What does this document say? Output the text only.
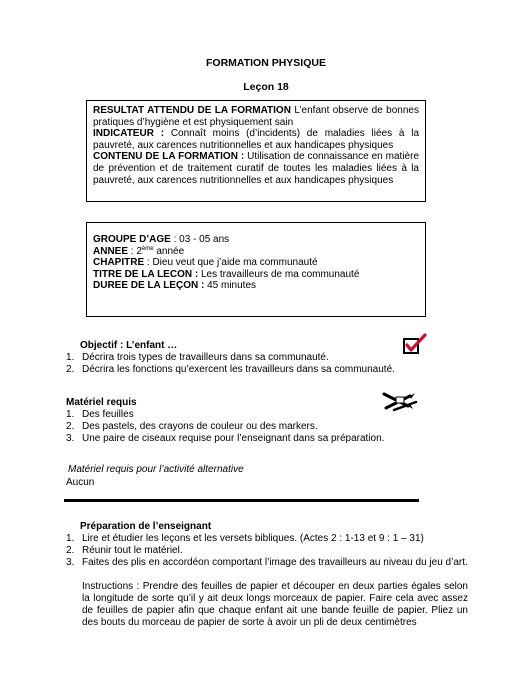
FORMATION PHYSIQUE
Leçon 18

RESULTAT ATTENDU DE LA FORMATION L’enfant observe de bonnes pratiques d’hygiène et est physiquement sain

INDICATEUR : Connaît moins (d’incidents) de maladies liées à la pauvreté, aux carences nutritionnelles et aux handicapes physiques

CONTENU DE LA FORMATION : Utilisation de connaissance en matière de prévention et de traitement curatif de toutes les maladies liées à la pauvreté, aux carences nutritionnelles et aux handicapes physiques

GROUPE D’AGE : 03 - 05 ans

ANNEE : 2ème année

CHAPITRE : Dieu veut que j’aide ma communauté

TITRE DE LA LECON : Les travailleurs de ma communauté

DUREE DE LA LEÇON : 45 minutes

Objectif : L’enfant …
1. Décrira trois types de travailleurs dans sa communauté.
2. Décrira les fonctions qu’exercent les travailleurs dans sa communauté.
Matériel requis
1. Des feuilles
2. Des pastels, des crayons de couleur ou des markers.
3. Une paire de ciseaux requise pour l’enseignant dans sa préparation.
Matériel requis pour l’activité alternative
Aucun
Préparation de l’enseignant
1. Lire et étudier les leçons et les versets bibliques. (Actes 2 : 1-13 et 9 : 1 – 31)
2. Réunir tout le matériel.
3. Faites des plis en accordéon comportant l’image des travailleurs au niveau du jeu d’art.
Instructions : Prendre des feuilles de papier et découper en deux parties égales selon la longitude de sorte qu’il y ait deux longs morceaux de papier. Faire cela avec assez de feuilles de papier afin que chaque enfant ait une bande feuille de papier. Pliez un des bouts du morceau de papier de sorte à avoir un pli de deux centimètres
